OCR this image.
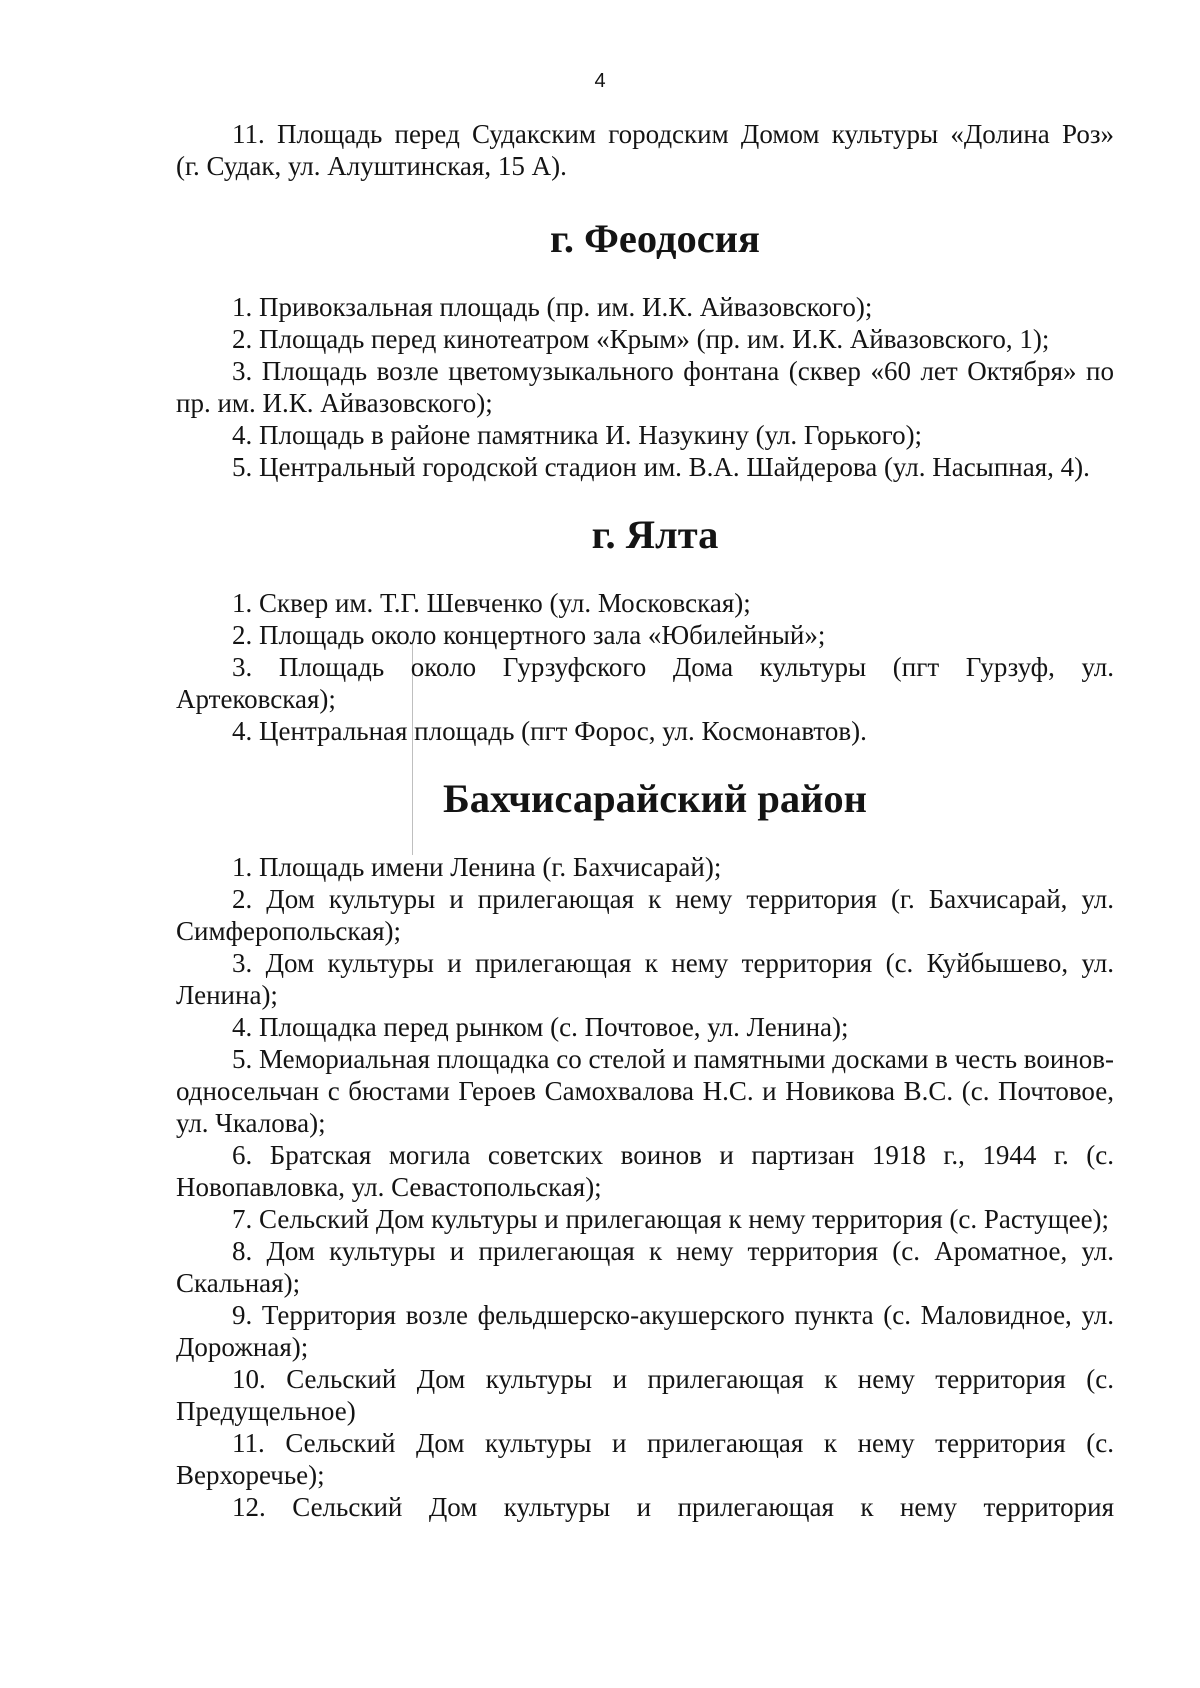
4

11. Площадь перед Судакским городским Домом культуры «Долина Роз»

(г. Судак, ул. Алуштинская, 15 А).

г. Феодосия

1. Привокзальная площадь (пр. им. И.К. Айвазовского);

2. Площадь перед кинотеатром «Крым» (пр. им. И.К. Айвазовского, 1);

3. Площадь возле цветомузыкального фонтана (сквер «60 лет Октября» по пр. им. И.К. Айвазовского);

4. Площадь в районе памятника И. Назукину (ул. Горького);

5. Центральный городской стадион им. В.А. Шайдерова (ул. Насыпная, 4).

г. Ялта

1. Сквер им. Т.Г. Шевченко (ул. Московская);

2. Площадь около концертного зала «Юбилейный»;

3. Площадь около Гурзуфского Дома культуры (пгт Гурзуф, ул. Артековская);

4. Центральная площадь (пгт Форос, ул. Космонавтов).

Бахчисарайский район

1. Площадь имени Ленина (г. Бахчисарай);

2. Дом культуры и прилегающая к нему территория (г. Бахчисарай, ул. Симферопольская);

3. Дом культуры и прилегающая к нему территория (с. Куйбышево, ул. Ленина);

4. Площадка перед рынком (с. Почтовое, ул. Ленина);

5. Мемориальная площадка со стелой и памятными досками в честь воинов-односельчан с бюстами Героев Самохвалова Н.С. и Новикова В.С. (с. Почтовое, ул. Чкалова);

6. Братская могила советских воинов и партизан 1918 г., 1944 г. (с. Новопавловка, ул. Севастопольская);

7. Сельский Дом культуры и прилегающая к нему территория (с. Растущее);

8. Дом культуры и прилегающая к нему территория (с. Ароматное, ул. Скальная);

9. Территория возле фельдшерско-акушерского пункта (с. Маловидное, ул. Дорожная);

10. Сельский Дом культуры и прилегающая к нему территория (с. Предущельное)

11. Сельский Дом культуры и прилегающая к нему территория (с. Верхоречье);

12. Сельский Дом культуры и прилегающая к нему территория
